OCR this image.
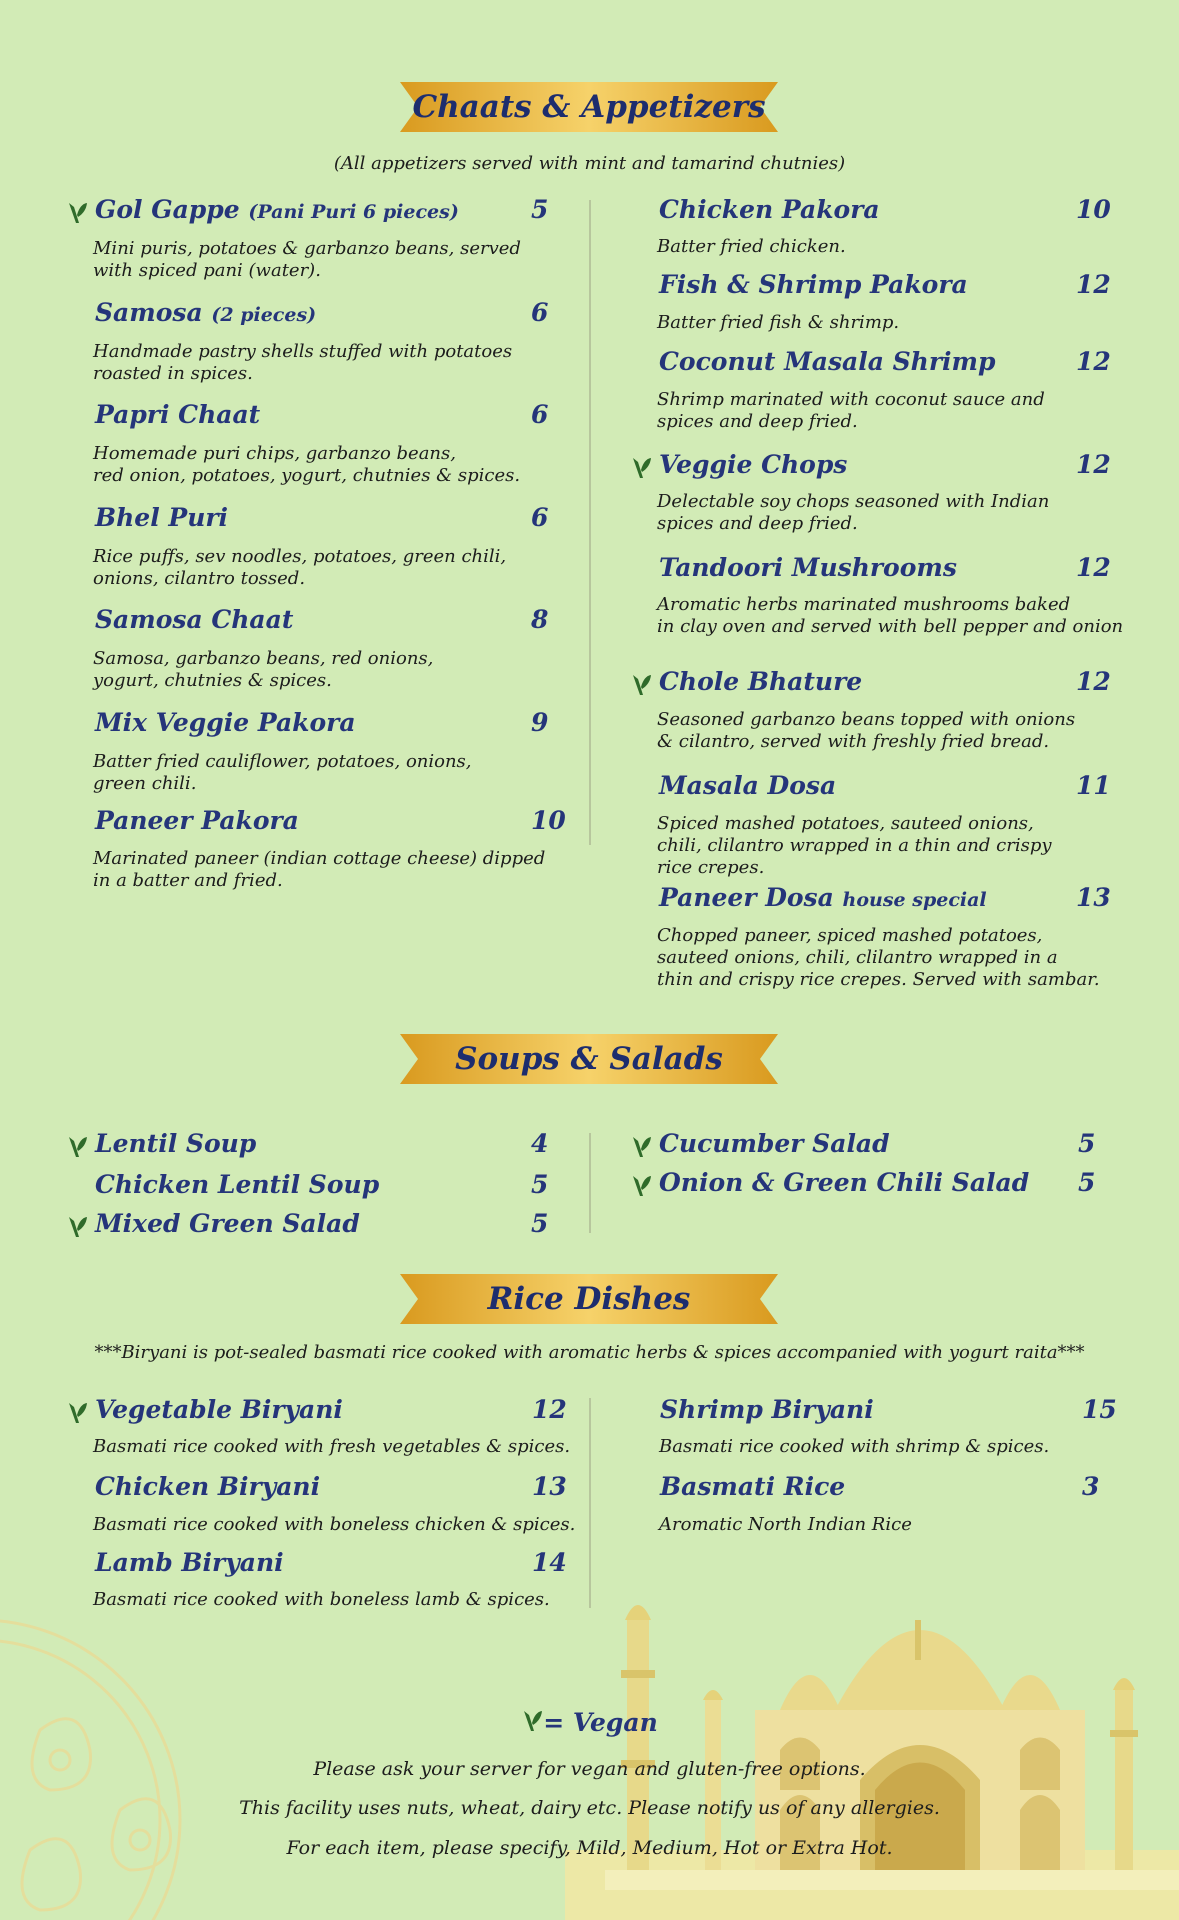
Chaats & Appetizers
(All appetizers served with mint and tamarind chutnies)
Gol Gappe (Pani Puri 6 pieces)	5
Mini puris, potatoes & garbanzo beans, served
with spiced pani (water).
Samosa (2 pieces)	6
Handmade pastry shells stuffed with potatoes
roasted in spices.
Papri Chaat	6
Homemade puri chips, garbanzo beans,
red onion, potatoes, yogurt, chutnies & spices.
Bhel Puri	6
Rice puffs, sev noodles, potatoes, green chili,
onions, cilantro tossed.
Samosa Chaat	8
Samosa, garbanzo beans, red onions,
yogurt, chutnies & spices.
Mix Veggie Pakora	9
Batter fried cauliflower, potatoes, onions,
green chili.
Paneer Pakora	10
Marinated paneer (indian cottage cheese) dipped
in a batter and fried.
Chicken Pakora	10
Batter fried chicken.
Fish & Shrimp Pakora	12
Batter fried fish & shrimp.
Coconut Masala Shrimp	12
Shrimp marinated with coconut sauce and
spices and deep fried.
Veggie Chops	12
Delectable soy chops seasoned with Indian
spices and deep fried.
Tandoori Mushrooms	12
Aromatic herbs marinated mushrooms baked
in clay oven and served with bell pepper and onion
Chole Bhature	12
Seasoned garbanzo beans topped with onions
& cilantro, served with freshly fried bread.
Masala Dosa	11
Spiced mashed potatoes, sauteed onions,
chili, clilantro wrapped in a thin and crispy
rice crepes.
Paneer Dosa house special	13
Chopped paneer, spiced mashed potatoes,
sauteed onions, chili, clilantro wrapped in a
thin and crispy rice crepes. Served with sambar.
Soups & Salads
Lentil Soup	4
Chicken Lentil Soup	5
Mixed Green Salad	5
Cucumber Salad	5
Onion & Green Chili Salad 5
Rice Dishes
***Biryani is pot-sealed basmati rice cooked with aromatic herbs & spices accompanied with yogurt raita***
Vegetable Biryani	12
Basmati rice cooked with fresh vegetables & spices.
Chicken Biryani	13
Basmati rice cooked with boneless chicken & spices.
Lamb Biryani	14
Basmati rice cooked with boneless lamb & spices.
Shrimp Biryani	15
Basmati rice cooked with shrimp & spices.
Basmati Rice	3
Aromatic North Indian Rice
= Vegan
Please ask your server for vegan and gluten-free options.
This facility uses nuts, wheat, dairy etc. Please notify us of any allergies.
For each item, please specify, Mild, Medium, Hot or Extra Hot.
